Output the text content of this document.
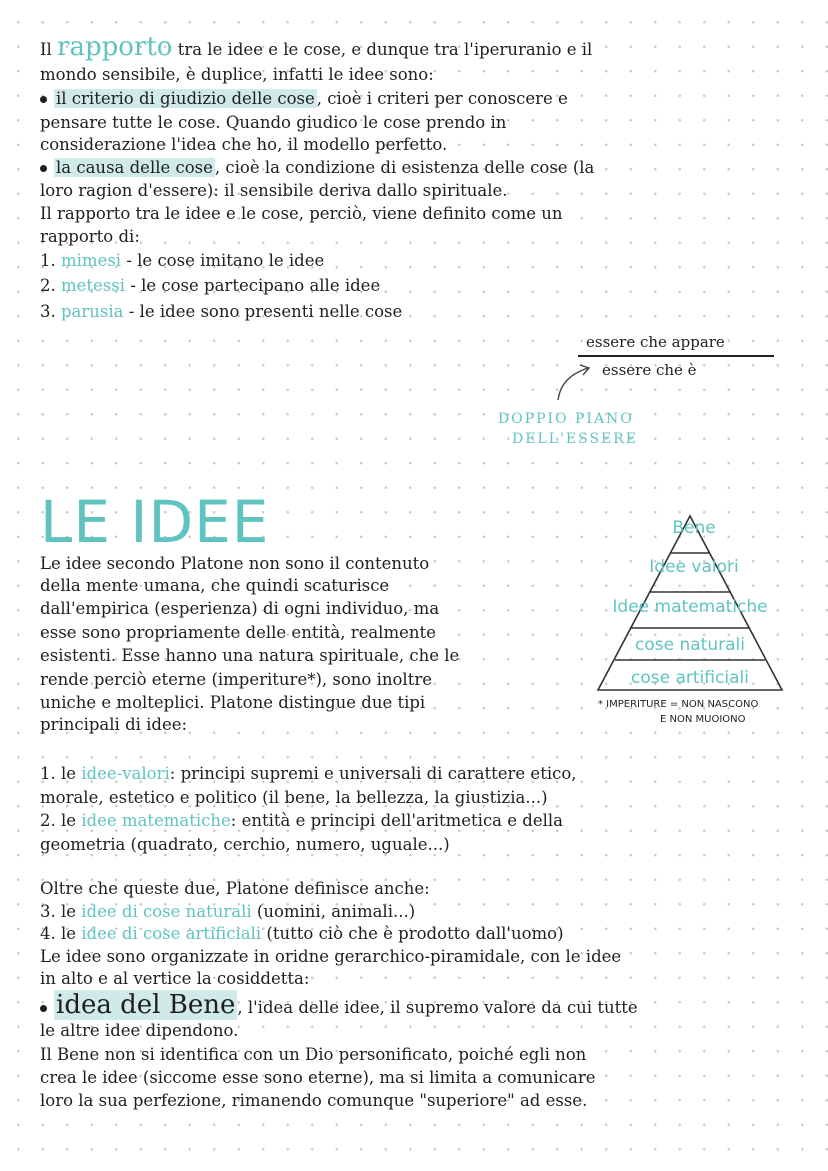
Il rapporto tra le idee e le cose, e dunque tra l'iperuranio e il
mondo sensibile, è duplice, infatti le idee sono:
il criterio di giudizio delle cose , cioè i criteri per conoscere e
pensare tutte le cose. Quando giudico le cose prendo in
considerazione l'idea che ho, il modello perfetto.
la causa delle cose , cioè la condizione di esistenza delle cose (la
loro ragion d'essere): il sensibile deriva dallo spirituale.
Il rapporto tra le idee e le cose, perciò, viene definito come un
rapporto di:
1. mimesi - le cose imitano le idee
2. metessi - le cose partecipano alle idee
3. parusia - le idee sono presenti nelle cose
essere che appare
essere che è
DOPPIO PIANO
DELL'ESSERE
LE IDEE
Le idee secondo Platone non sono il contenuto
della mente umana, che quindi scaturisce
dall'empirica (esperienza) di ogni individuo, ma
esse sono propriamente delle entità, realmente
esistenti. Esse hanno una natura spirituale, che le
rende perciò eterne (imperiture*), sono inoltre
uniche e molteplici. Platone distingue due tipi
principali di idee:
Bene
Idee valori
Idee matematiche
cose naturali
cose artificiali
* IMPERITURE = NON NASCONO
E NON MUOIONO
1. le idee-valori: principi supremi e universali di carattere etico,
morale, estetico e politico (il bene, la bellezza, la giustizia...)
2. le idee matematiche: entità e principi dell'aritmetica e della
geometria (quadrato, cerchio, numero, uguale...)
Oltre che queste due, Platone definisce anche:
3. le idee di cose naturali (uomini, animali...)
4. le idee di cose artificiali (tutto ciò che è prodotto dall'uomo)
Le idee sono organizzate in oridne gerarchico-piramidale, con le idee
in alto e al vertice la cosiddetta:
idea del Bene , l'idea delle idee, il supremo valore da cui tutte
le altre idee dipendono.
Il Bene non si identifica con un Dio personificato, poiché egli non
crea le idee (siccome esse sono eterne), ma si limita a comunicare
loro la sua perfezione, rimanendo comunque "superiore" ad esse.
